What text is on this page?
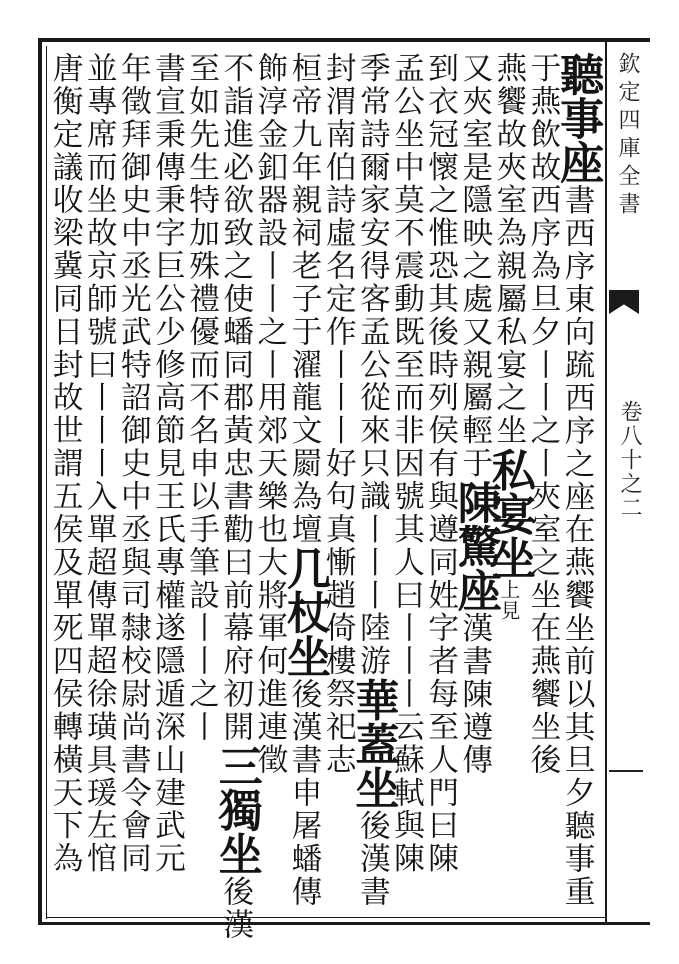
欽定四庫全書
卷八十之二
聽事座書西序東向䟽西序之座在燕饗坐前以其旦夕聽事重
于燕飲故西序為旦夕丨丨之丨夾室之坐在燕饗坐後
燕饗故夾室為親屬私宴之坐私宴坐上見
又夾室是隱映之處又親屬輕于陳驚座漢書陳遵傳
到衣冠懷之惟恐其後時列侯有與遵同姓字者每至人門曰陳
孟公坐中莫不震動既至而非因號其人曰丨丨丨云蘇軾與陳
季常詩爾家安得客孟公從來只識丨丨丨陸游華蓋坐後漢書
封渭南伯詩虛名定作丨丨丨好句真慚趙倚樓祭祀志
桓帝九年親祠老子于濯龍文罽為壇几杖坐後漢書申屠蟠傳
飾淳金釦器設丨丨之丨用郊天樂也大將軍何進連徵
不詣進必欲致之使蟠同郡黃忠書勸曰前幕府初開三獨坐後漢
至如先生特加殊禮優而不名申以手筆設丨丨之丨
書宣秉傳秉字巨公少修高節見王氏專權遂隱遁深山建武元
年徵拜御史中丞光武特詔御史中丞與司隸校尉尚書令會同
並專席而坐故京師號曰丨丨丨入單超傳單超徐璜具瑗左悺
唐衡定議收梁冀同日封故世謂五侯及單死四侯轉橫天下為
